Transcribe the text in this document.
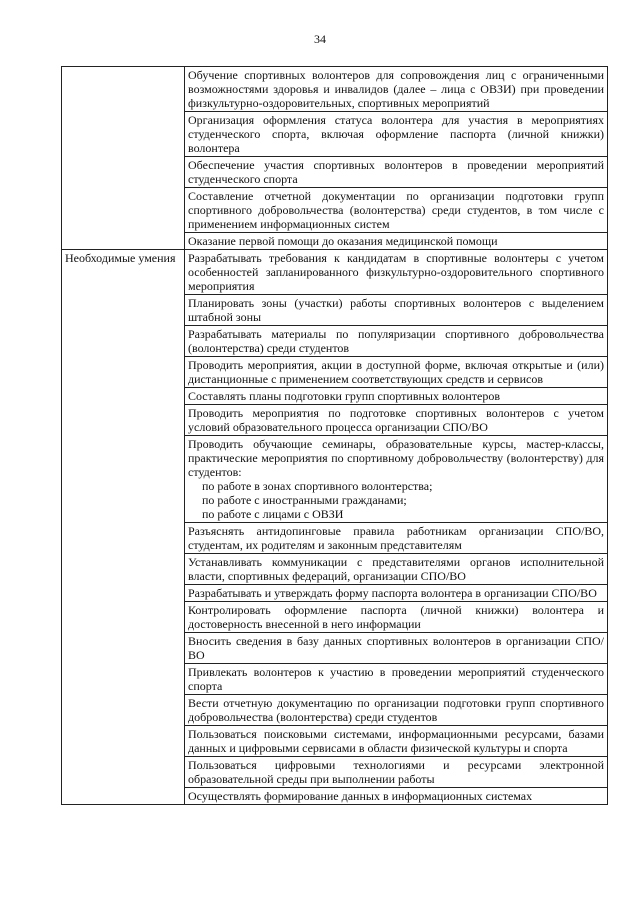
34
	Обучение спортивных волонтеров для сопровождения лиц с ограниченными возможностями здоровья и инвалидов (далее – лица с ОВЗИ) при проведении физкультурно-оздоровительных, спортивных мероприятий
	Организация оформления статуса волонтера для участия в мероприятиях студенческого спорта, включая оформление паспорта (личной книжки) волонтера
	Обеспечение участия спортивных волонтеров в проведении мероприятий студенческого спорта
	Составление отчетной документации по организации подготовки групп спортивного добровольчества (волонтерства) среди студентов, в том числе с применением информационных систем
	Оказание первой помощи до оказания медицинской помощи
Необходимые умения	Разрабатывать требования к кандидатам в спортивные волонтеры с учетом особенностей запланированного физкультурно-оздоровительного спортивного мероприятия
	Планировать зоны (участки) работы спортивных волонтеров с выделением штабной зоны
	Разрабатывать материалы по популяризации спортивного добровольчества (волонтерства) среди студентов
	Проводить мероприятия, акции в доступной форме, включая открытые и (или) дистанционные с применением соответствующих средств и сервисов
	Составлять планы подготовки групп спортивных волонтеров
	Проводить мероприятия по подготовке спортивных волонтеров с учетом условий образовательного процесса организации СПО/ВО

	Проводить обучающие семинары, образовательные курсы, мастер-классы, практические мероприятия по спортивному добровольчеству (волонтерству) для студентов:
по работе в зонах спортивного волонтерства;
по работе с иностранными гражданами;
по работе с лицами с ОВЗИ

	Разъяснять антидопинговые правила работникам организации СПО/ВО, студентам, их родителям и законным представителям
	Устанавливать коммуникации с представителями органов исполнительной власти, спортивных федераций, организации СПО/ВО
	Разрабатывать и утверждать форму паспорта волонтера в организации СПО/ВО
	Контролировать оформление паспорта (личной книжки) волонтера и достоверность внесенной в него информации
	Вносить сведения в базу данных спортивных волонтеров в организации СПО/ВО
	Привлекать волонтеров к участию в проведении мероприятий студенческого спорта
	Вести отчетную документацию по организации подготовки групп спортивного добровольчества (волонтерства) среди студентов
	Пользоваться поисковыми системами, информационными ресурсами, базами данных и цифровыми сервисами в области физической культуры и спорта
	Пользоваться цифровыми технологиями и ресурсами электронной образовательной среды при выполнении работы
	Осуществлять формирование данных в информационных системах
